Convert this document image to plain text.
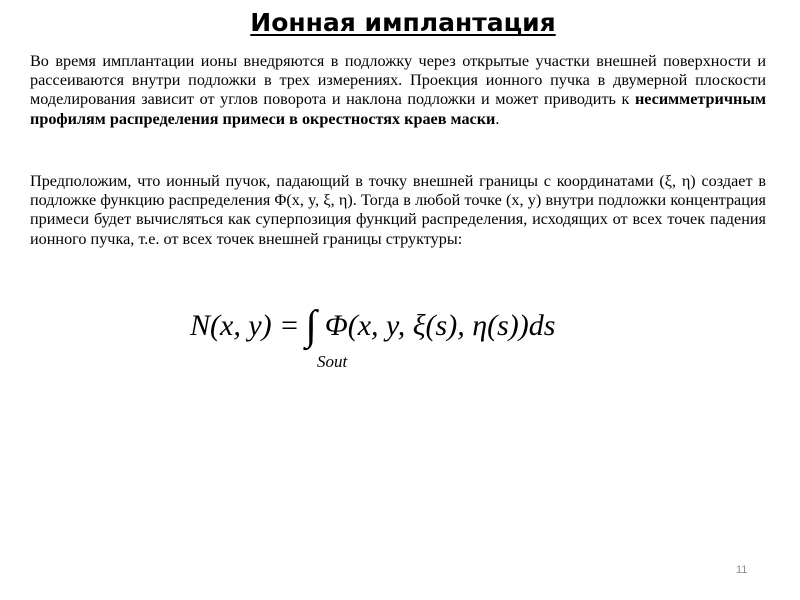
Ионная имплантация

Во время имплантации ионы внедряются в подложку через открытые участки внешней поверхности и рассеиваются внутри подложки в трех измерениях. Проекция ионного пучка в двумерной плоскости моделирования зависит от углов поворота и наклона подложки и может приводить к несимметричным профилям распределения примеси в окрестностях краев маски.

Предположим, что ионный пучок, падающий в точку внешней границы с координатами (ξ, η) создает в подложке функцию распределения Φ(x, y, ξ, η). Тогда в любой точке (x, y) внутри подложки концентрация примеси будет вычисляться как суперпозиция функций распределения, исходящих от всех точек падения ионного пучка, т.е. от всех точек внешней границы структуры:

N(x, y) = ∫ Φ(x, y, ξ(s), η(s))ds
Sout
11
